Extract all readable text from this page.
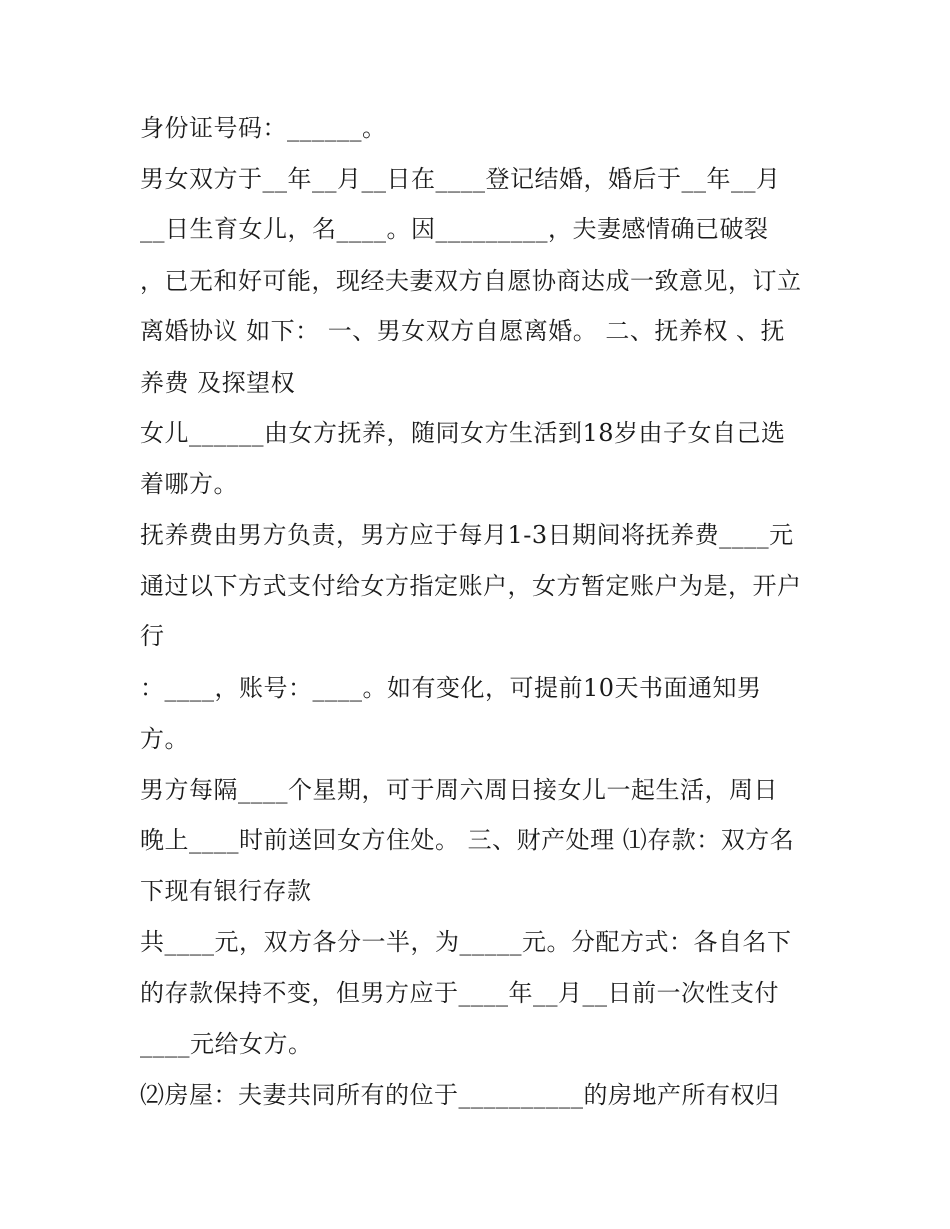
身份证号码：______。
男女双方于__年__月__日在____登记结婚，婚后于__年__月
__日生育女儿，名____。因_________，夫妻感情确已破裂
，已无和好可能，现经夫妻双方自愿协商达成一致意见，订立
离婚协议 如下： 一、男女双方自愿离婚。 二、抚养权 、抚
养费 及探望权
女儿______由女方抚养，随同女方生活到18岁由子女自己选
着哪方。
抚养费由男方负责，男方应于每月1-3日期间将抚养费____元
通过以下方式支付给女方指定账户，女方暂定账户为是，开户
行
：____，账号：____。如有变化，可提前10天书面通知男
方。
男方每隔____个星期，可于周六周日接女儿一起生活，周日
晚上____时前送回女方住处。 三、财产处理 ⑴存款：双方名
下现有银行存款
共____元，双方各分一半，为_____元。分配方式：各自名下
的存款保持不变，但男方应于____年__月__日前一次性支付
____元给女方。
⑵房屋：夫妻共同所有的位于__________的房地产所有权归
